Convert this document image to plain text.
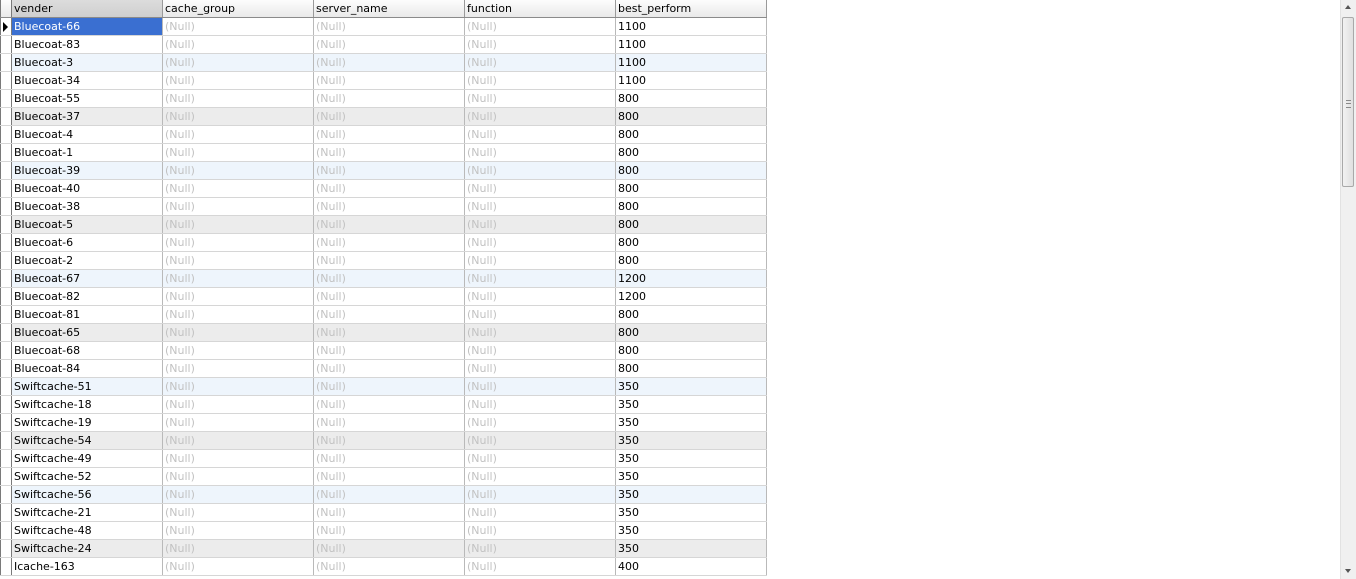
	vender	cache_group	server_name	function	best_perform

	Bluecoat-66	(Null)	(Null)	(Null)	1100
	Bluecoat-83	(Null)	(Null)	(Null)	1100
	Bluecoat-3	(Null)	(Null)	(Null)	1100
	Bluecoat-34	(Null)	(Null)	(Null)	1100
	Bluecoat-55	(Null)	(Null)	(Null)	800
	Bluecoat-37	(Null)	(Null)	(Null)	800
	Bluecoat-4	(Null)	(Null)	(Null)	800
	Bluecoat-1	(Null)	(Null)	(Null)	800
	Bluecoat-39	(Null)	(Null)	(Null)	800
	Bluecoat-40	(Null)	(Null)	(Null)	800
	Bluecoat-38	(Null)	(Null)	(Null)	800
	Bluecoat-5	(Null)	(Null)	(Null)	800
	Bluecoat-6	(Null)	(Null)	(Null)	800
	Bluecoat-2	(Null)	(Null)	(Null)	800
	Bluecoat-67	(Null)	(Null)	(Null)	1200
	Bluecoat-82	(Null)	(Null)	(Null)	1200
	Bluecoat-81	(Null)	(Null)	(Null)	800
	Bluecoat-65	(Null)	(Null)	(Null)	800
	Bluecoat-68	(Null)	(Null)	(Null)	800
	Bluecoat-84	(Null)	(Null)	(Null)	800
	Swiftcache-51	(Null)	(Null)	(Null)	350
	Swiftcache-18	(Null)	(Null)	(Null)	350
	Swiftcache-19	(Null)	(Null)	(Null)	350
	Swiftcache-54	(Null)	(Null)	(Null)	350
	Swiftcache-49	(Null)	(Null)	(Null)	350
	Swiftcache-52	(Null)	(Null)	(Null)	350
	Swiftcache-56	(Null)	(Null)	(Null)	350
	Swiftcache-21	(Null)	(Null)	(Null)	350
	Swiftcache-48	(Null)	(Null)	(Null)	350
	Swiftcache-24	(Null)	(Null)	(Null)	350
	Icache-163	(Null)	(Null)	(Null)	400
